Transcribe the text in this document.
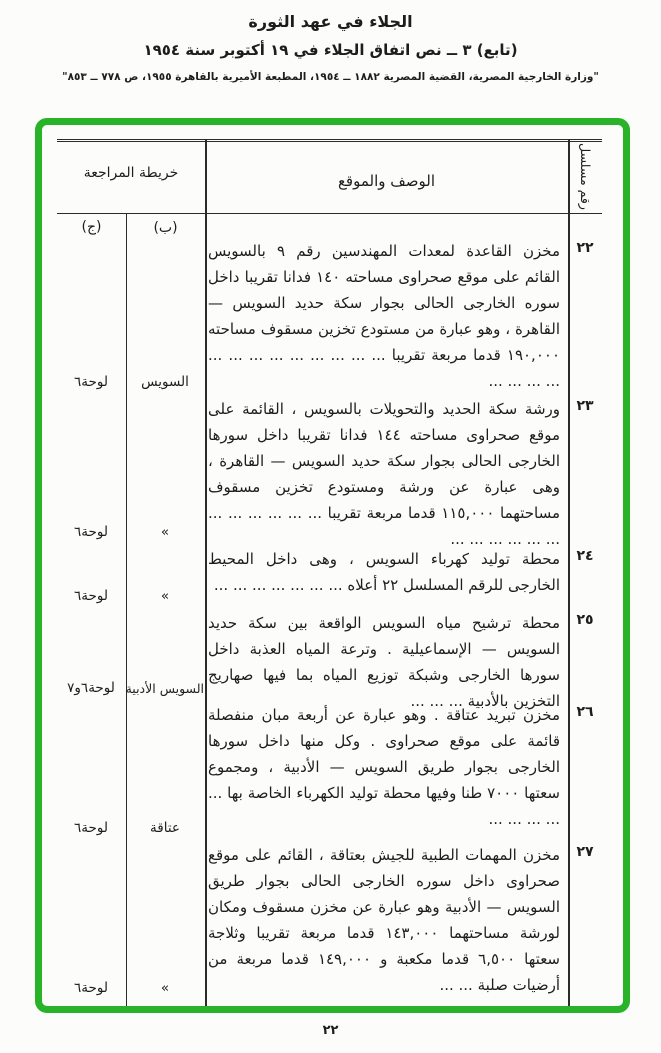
الجلاء في عهد الثورة
(تابع) ٣ ــ نص اتفاق الجلاء في ١٩ أكتوبر سنة ١٩٥٤
"وزارة الخارجية المصرية، القضية المصرية ١٨٨٢ ــ ١٩٥٤، المطبعة الأميرية بالقاهرة ١٩٥٥، ص ٧٧٨ ــ ٨٥٣"
رقم مسلسل
الوصف والموقع
خريطة المراجعة
(ب)
(ج)
٢٢
مخزن القاعدة لمعدات المهندسين رقم ٩ بالسويس القائم على موقع صحراوى مساحته ١٤٠ فدانا تقريبا داخل سوره الخارجى الحالى بجوار سكة حديد السويس — القاهرة ، وهو عبارة من مستودع تخزين مسقوف مساحته ١٩٠,٠٠٠ قدما مربعة تقريبا ... ... ... ... ... ... ... ... ... ... ... ... ...
السويس
لوحة٦
٢٣
ورشة سكة الحديد والتحويلات بالسويس ، القائمة على موقع صحراوى مساحته ١٤٤ فدانا تقريبا داخل سورها الخارجى الحالى بجوار سكة حديد السويس — القاهرة ، وهى عبارة عن ورشة ومستودع تخزين مسقوف مساحتهما ١١٥,٠٠٠ قدما مربعة تقريبا ... ... ... ... ... ... ... ... ... ... ... ...
»
لوحة٦
٢٤
محطة توليد كهرباء السويس ، وهى داخل المحيط الخارجى للرقم المسلسل ٢٢ أعلاه ... ... ... ... ... ... ...
»
لوحة٦
٢٥
محطة ترشيح مياه السويس الواقعة بين سكة حديد السويس — الإسماعيلية . وترعة المياه العذبة داخل سورها الخارجى وشبكة توزيع المياه بما فيها صهاريج التخزين بالأدبية ... ... ...
السويس الأدبية
لوحة٦و٧
٢٦
مخزن تبريد عتاقة . وهو عبارة عن أربعة مبان منفصلة قائمة على موقع صحراوى . وكل منها داخل سورها الخارجى بجوار طريق السويس — الأدبية ، ومجموع سعتها ٧٠٠٠ طنا وفيها محطة توليد الكهرباء الخاصة بها ... ... ... ... ...
عتاقة
لوحة٦
٢٧
مخزن المهمات الطبية للجيش بعتاقة ، القائم على موقع صحراوى داخل سوره الخارجى الحالى بجوار طريق السويس — الأدبية وهو عبارة عن مخزن مسقوف ومكان لورشة مساحتهما ١٤٣,٠٠٠ قدما مربعة تقريبا وثلاجة سعتها ٦,٥٠٠ قدما مكعبة و ١٤٩,٠٠٠ قدما مربعة من أرضيات صلبة ... ...
»
لوحة٦
٢٢
